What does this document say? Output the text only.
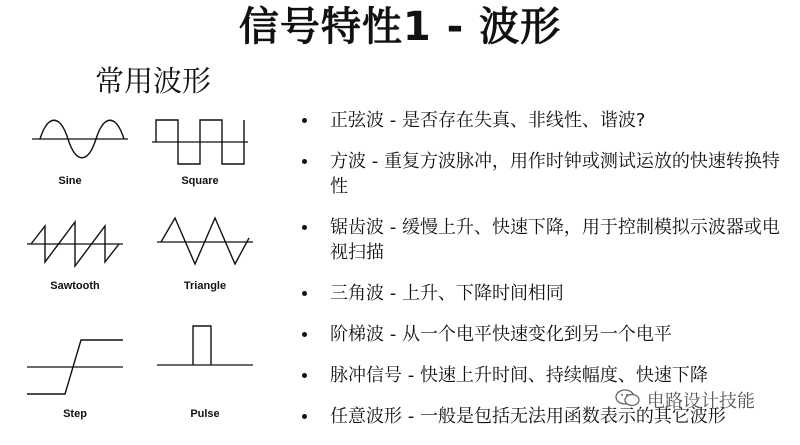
信号特性1 - 波形
常用波形
Sine	Square
Sawtooth	Triangle
Step	Pulse
正弦波 - 是否存在失真、非线性、谐波?
方波 - 重复方波脉冲，用作时钟或测试运放的快速转换特性
锯齿波 - 缓慢上升、快速下降，用于控制模拟示波器或电视扫描
三角波 - 上升、下降时间相同
阶梯波 - 从一个电平快速变化到另一个电平
脉冲信号 - 快速上升时间、持续幅度、快速下降
任意波形 - 一般是包括无法用函数表示的其它波形
电路设计技能
